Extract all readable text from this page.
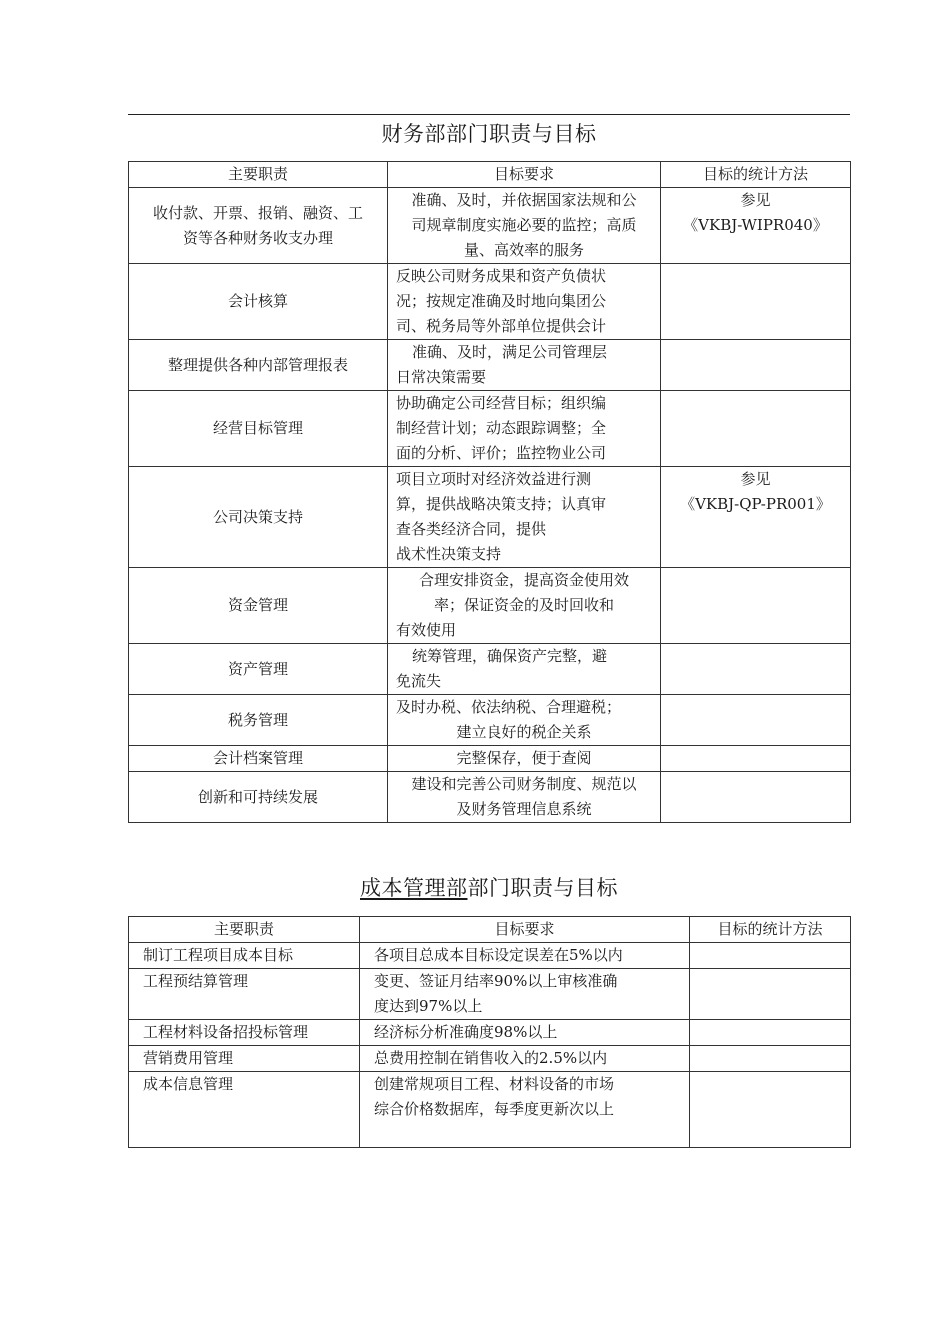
财务部部门职责与目标
主要职责	目标要求	目标的统计方法
收付款、开票、报销、融资、工
资等各种财务收支办理	准确、及时，并依据国家法规和公
司规章制度实施必要的监控；高质
量、高效率的服务	参见
《VKBJ-WIPR040》

会计核算	反映公司财务成果和资产负债状
况；按规定准确及时地向集团公
司、税务局等外部单位提供会计	

整理提供各种内部管理报表	准确、及时，满足公司管理层
日常决策需要	

经营目标管理	协助确定公司经营目标；组织编
制经营计划；动态跟踪调整；全
面的分析、评价；监控物业公司	

公司决策支持	项目立项时对经济效益进行测
算，提供战略决策支持；认真审
查各类经济合同，提供
战术性决策支持	参见
《VKBJ-QP-PR001》

资金管理	合理安排资金，提高资金使用效
率；保证资金的及时回收和
有效使用	

资产管理	统筹管理，确保资产完整，避
免流失	

税务管理	及时办税、依法纳税、合理避税；
建立良好的税企关系	

会计档案管理	完整保存，便于查阅	

创新和可持续发展	建设和完善公司财务制度、规范以
及财务管理信息系统	

成本管理部部门职责与目标
主要职责	目标要求	目标的统计方法
制订工程项目成本目标	各项目总成本目标设定误差在5%以内	

工程预结算管理	变更、签证月结率90%以上审核准确
度达到97%以上	

工程材料设备招投标管理	经济标分析准确度98%以上	

营销费用管理	总费用控制在销售收入的2.5%以内	

成本信息管理	创建常规项目工程、材料设备的市场
综合价格数据库，每季度更新次以上	
